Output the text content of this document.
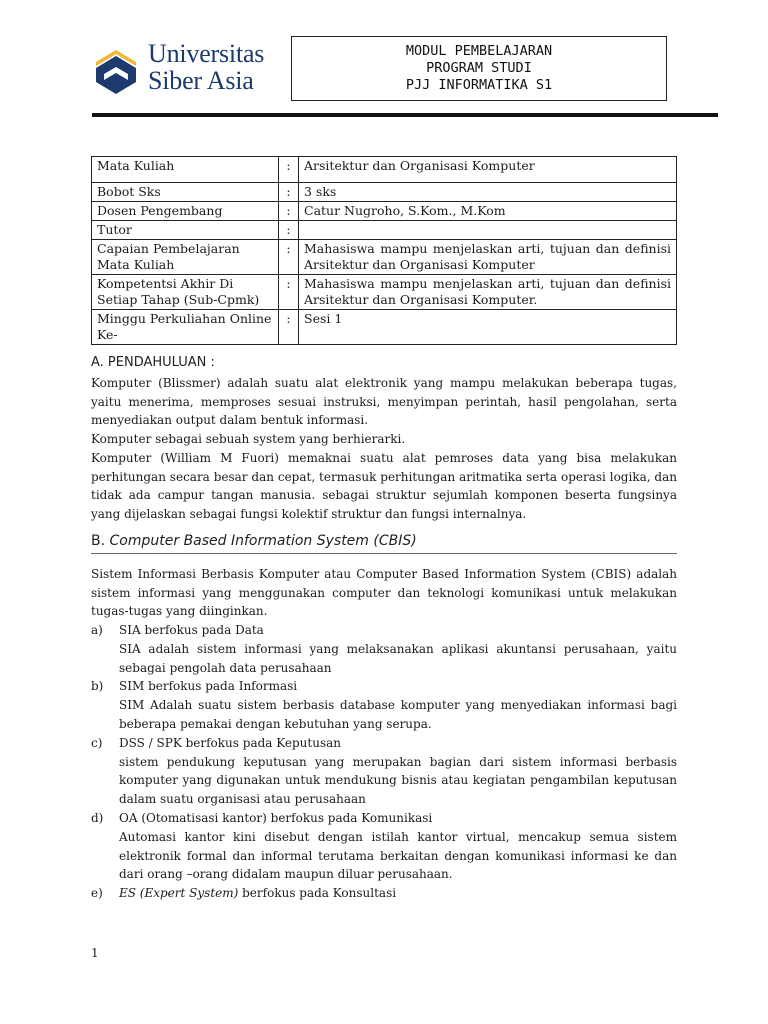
Universitas
Siber Asia
MODUL PEMBELAJARAN
PROGRAM STUDI
PJJ INFORMATIKA S1
Mata Kuliah	:	Arsitektur dan Organisasi Komputer
Bobot Sks	:	3 sks
Dosen Pengembang	:	Catur Nugroho, S.Kom., M.Kom
Tutor	:	
Capaian Pembelajaran Mata Kuliah	:	Mahasiswa mampu menjelaskan arti, tujuan dan definisi Arsitektur dan Organisasi Komputer
Kompetentsi Akhir Di Setiap Tahap (Sub-Cpmk)	:	Mahasiswa mampu menjelaskan arti, tujuan dan definisi Arsitektur dan Organisasi Komputer.
Minggu Perkuliahan Online Ke-	:	Sesi 1
A. PENDAHULUAN :
Komputer (Blissmer) adalah suatu alat elektronik yang mampu melakukan beberapa tugas, yaitu menerima, memproses sesuai instruksi, menyimpan perintah, hasil pengolahan, serta menyediakan output dalam bentuk informasi.
Komputer sebagai sebuah system yang berhierarki.
Komputer (William M Fuori) memaknai suatu alat pemroses data yang bisa melakukan perhitungan secara besar dan cepat, termasuk perhitungan aritmatika serta operasi logika, dan tidak ada campur tangan manusia. sebagai struktur sejumlah komponen beserta fungsinya yang dijelaskan sebagai fungsi kolektif struktur dan fungsi internalnya.
B. Computer Based Information System (CBIS)
Sistem Informasi Berbasis Komputer atau Computer Based Information System (CBIS) adalah sistem informasi yang menggunakan computer dan teknologi komunikasi untuk melakukan tugas-tugas yang diinginkan.
a) SIA berfokus pada Data
SIA adalah sistem informasi yang melaksanakan aplikasi akuntansi perusahaan, yaitu sebagai pengolah data perusahaan
b) SIM berfokus pada Informasi
SIM Adalah suatu sistem berbasis database komputer yang menyediakan informasi bagi beberapa pemakai dengan kebutuhan yang serupa.
c) DSS / SPK berfokus pada Keputusan
sistem pendukung keputusan yang merupakan bagian dari sistem informasi berbasis komputer yang digunakan untuk mendukung bisnis atau kegiatan pengambilan keputusan dalam suatu organisasi atau perusahaan
d) OA (Otomatisasi kantor) berfokus pada Komunikasi
Automasi kantor kini disebut dengan istilah kantor virtual, mencakup semua sistem elektronik formal dan informal terutama berkaitan dengan komunikasi informasi ke dan dari orang –orang didalam maupun diluar perusahaan.
e) ES (Expert System) berfokus pada Konsultasi
1
